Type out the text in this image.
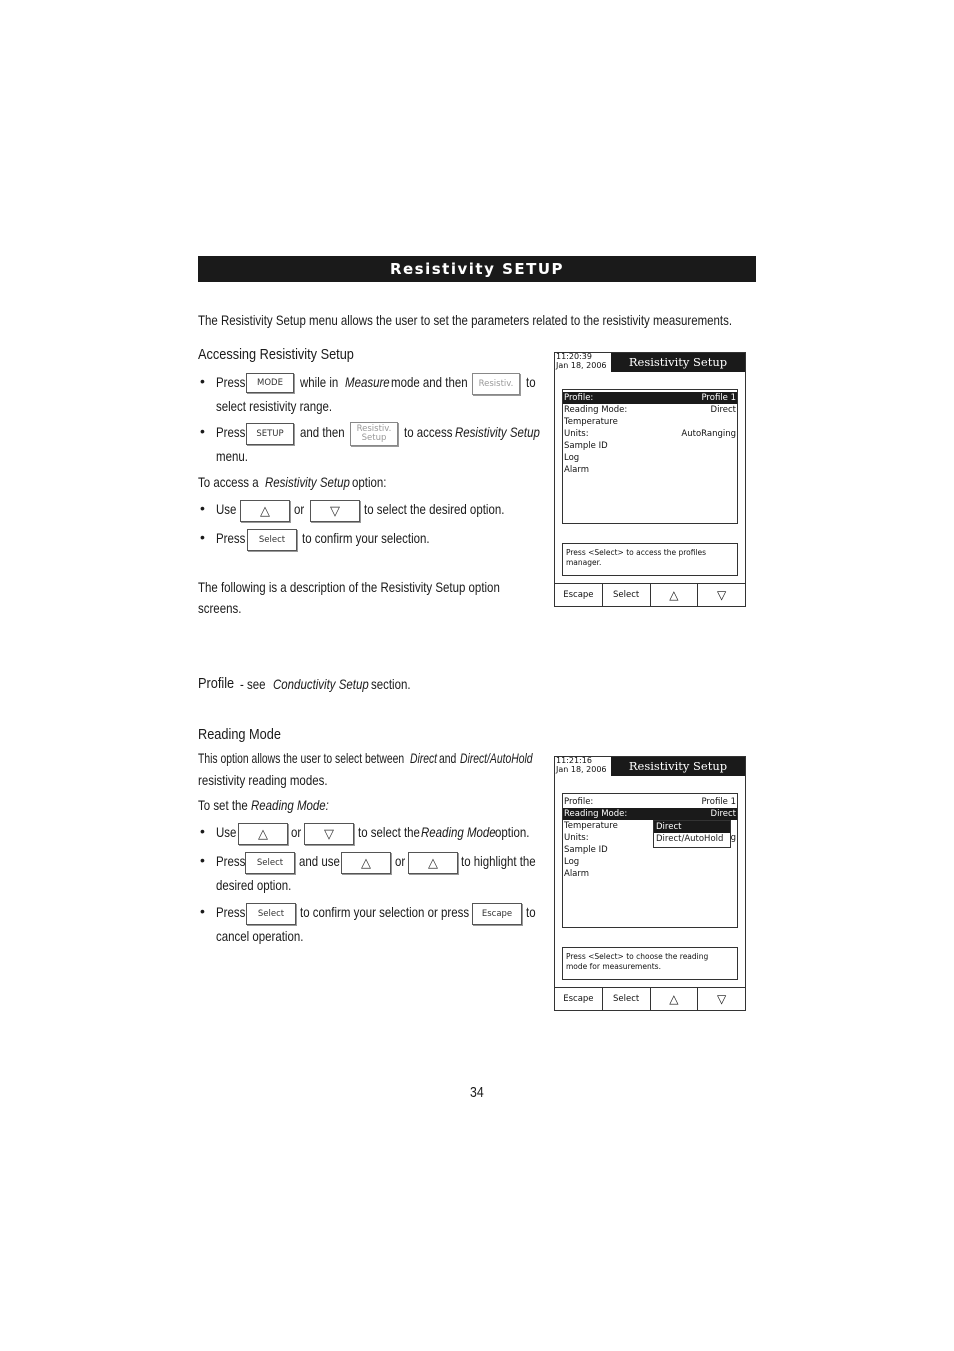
Resistivity SETUP
The Resistivity Setup menu allows the user to set the parameters related to the resistivity measurements.
Accessing Resistivity Setup
• Press	MODE	while in Measure mode and then	Resistiv. to
select resistivity range.
• Press	SETUP	and then Resistiv.
Setup to access Resistivity Setup
menu.
To access a Resistivity Setup option:
• Use	△	or	▽	to select the desired option.
• Press	Select	to confirm your selection.
The following is a description of the Resistivity Setup option
screens.
11:20:39
Jan 18, 2006	Resistivity Setup
Profile:	Profile 1
Reading Mode:	Direct
Temperature
Units:	AutoRanging
Sample ID
Log
Alarm
Press <Select> to access the profiles
manager.
Escape	Select	△	▽
Profile - see Conductivity Setup section.
Reading Mode
This option allows the user to select between Direct and Direct/AutoHold
resistivity reading modes.
To set the Reading Mode:
• Use	△	or	▽	to select the Reading Mode option.
• Press	Select	and use	△	or	△	to highlight the
desired option.
• Press	Select	to confirm your selection or press	Escape to
cancel operation.
11:21:16
Jan 18, 2006	Resistivity Setup
Profile:	Profile 1
Reading Mode:	Direct
Temperature
Units:	g
Sample ID
Log
Alarm
Direct
Direct/AutoHold
Press <Select> to choose the reading
mode for measurements.
Escape	Select	△	▽
34
